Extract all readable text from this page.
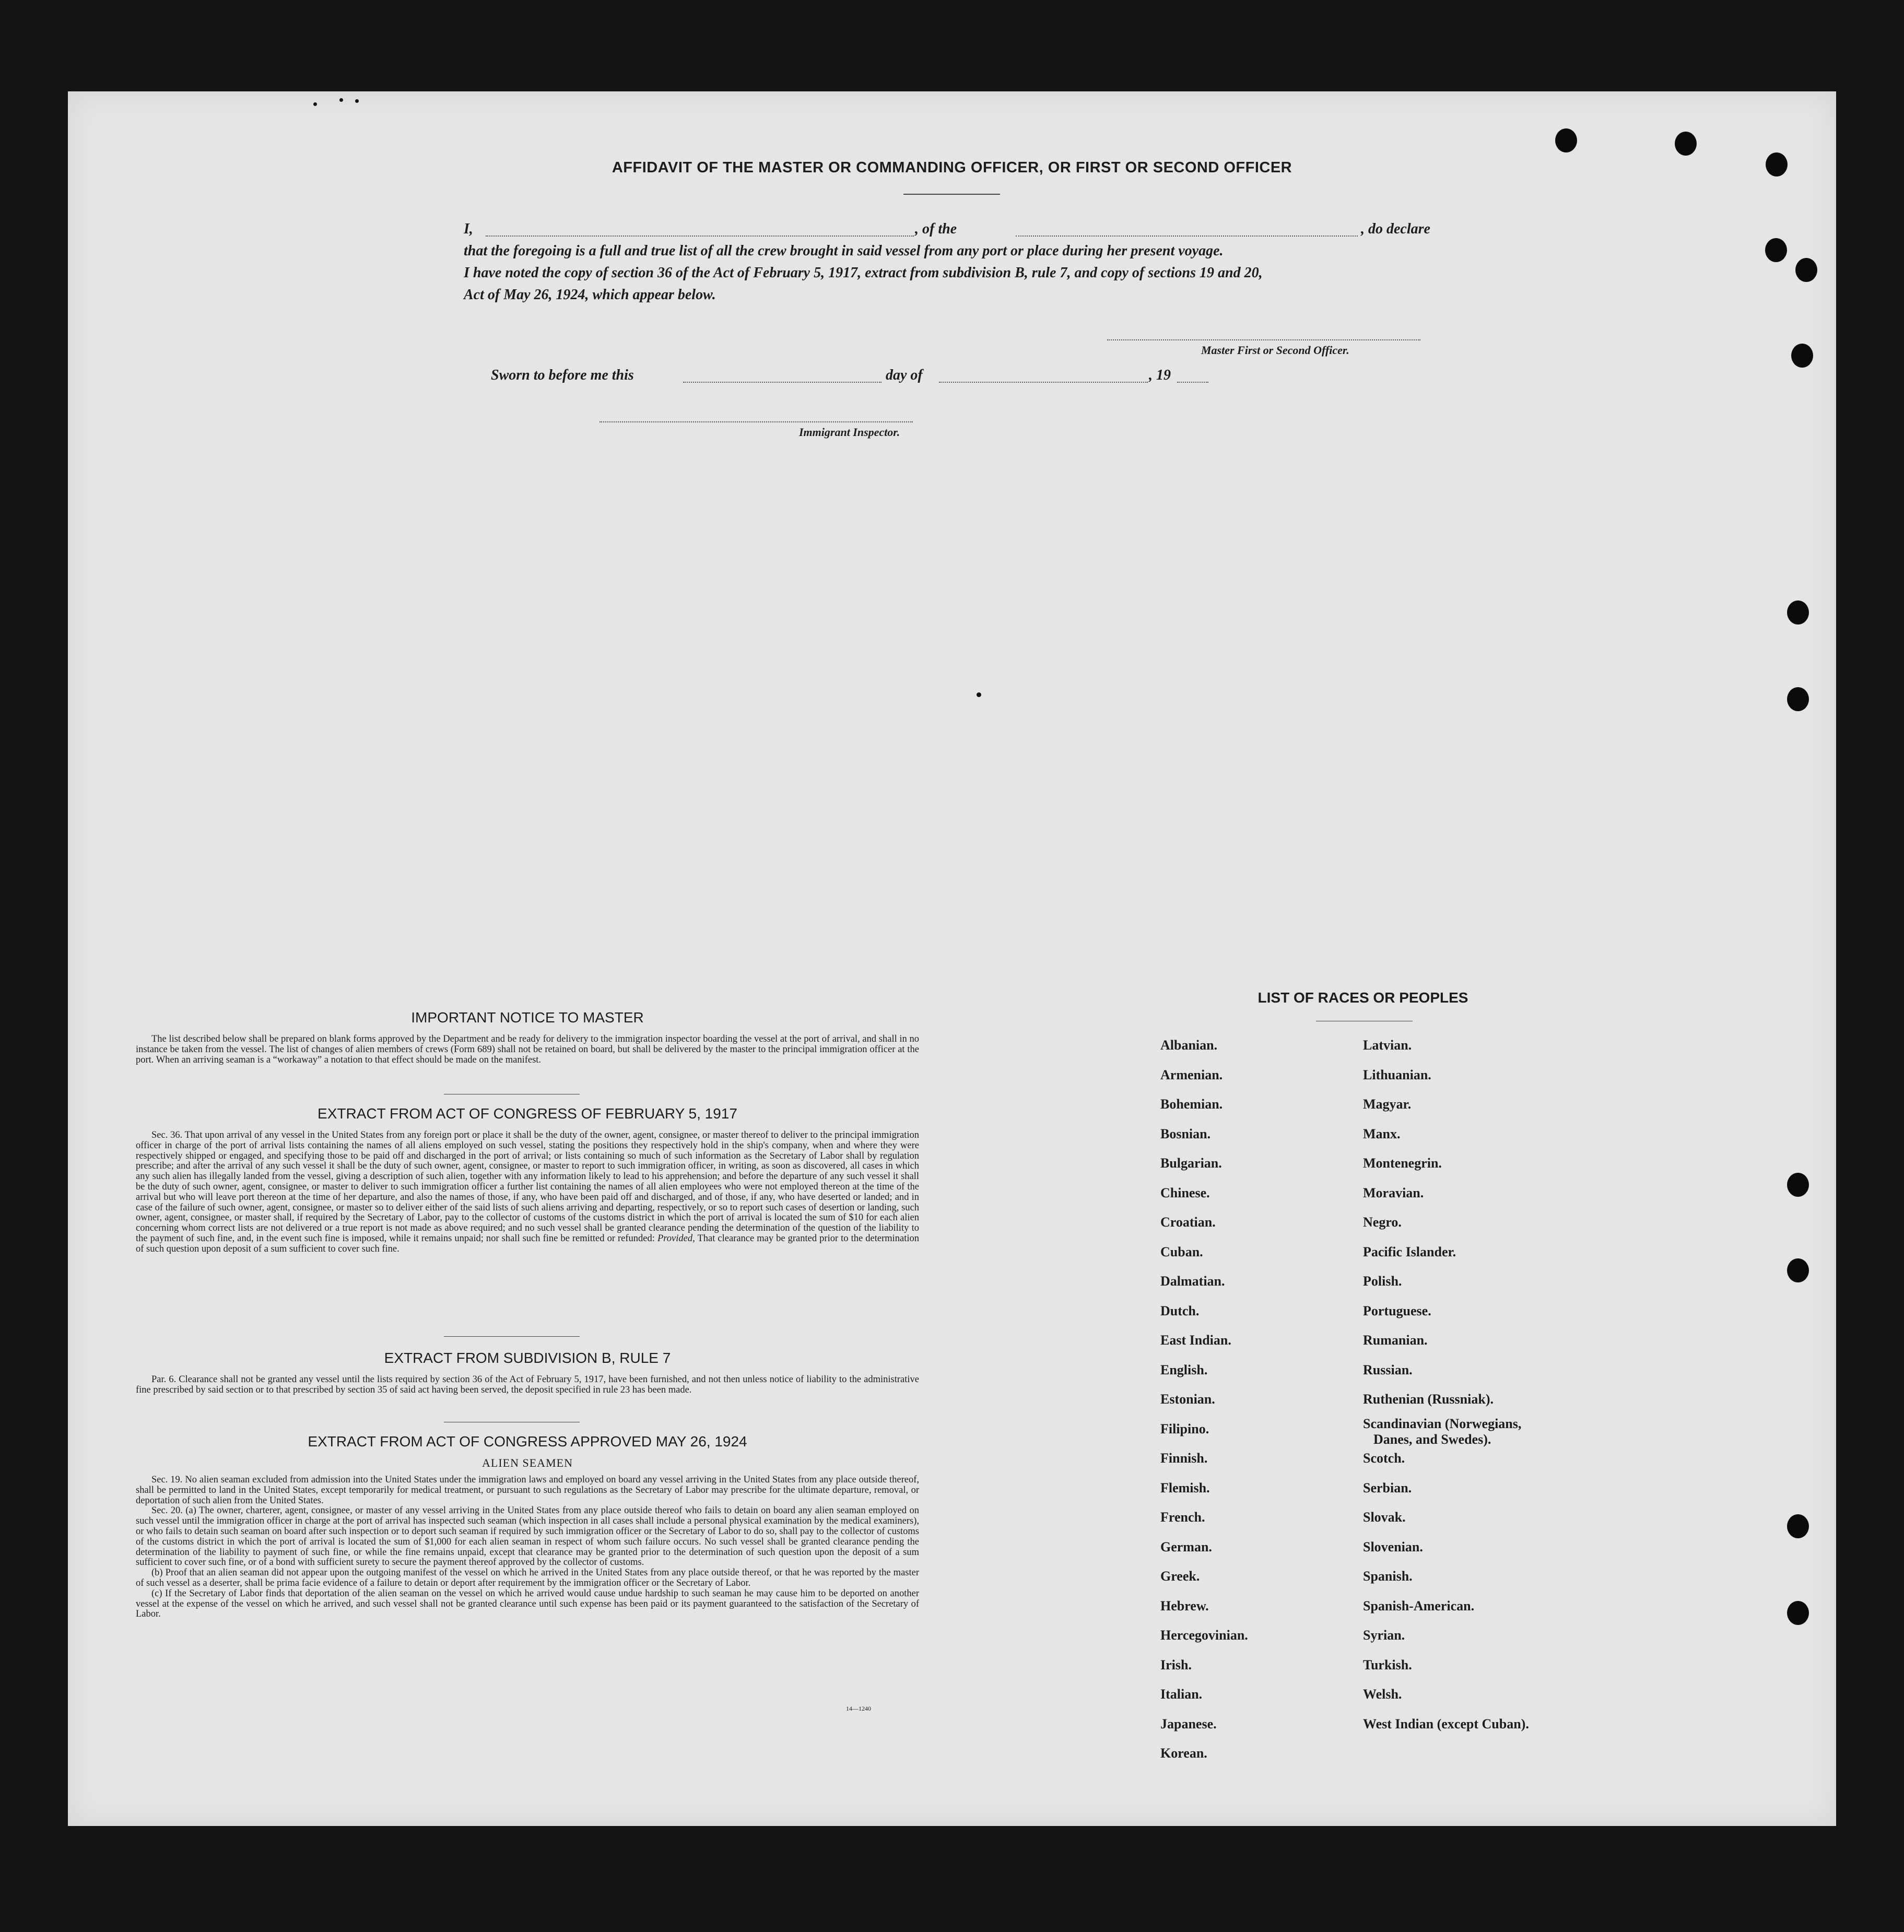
AFFIDAVIT OF THE MASTER OR COMMANDING OFFICER, OR FIRST OR SECOND OFFICER
I,	, of the	, do declare
that the foregoing is a full and true list of all the crew brought in said vessel from any port or place during her present voyage.
I have noted the copy of section 36 of the Act of February 5, 1917, extract from subdivision B, rule 7, and copy of sections 19 and 20,
Act of May 26, 1924, which appear below.
Master First or Second Officer.
Sworn to before me this	day of	, 19
Immigrant Inspector.
IMPORTANT NOTICE TO MASTER

The list described below shall be prepared on blank forms approved by the Department and be ready for delivery to the immigration inspector boarding the vessel at the port of arrival, and shall in no instance be taken from the vessel. The list of changes of alien members of crews (Form 689) shall not be retained on board, but shall be delivered by the master to the principal immigration officer at the port. When an arriving seaman is a “workaway” a notation to that effect should be made on the manifest.

EXTRACT FROM ACT OF CONGRESS OF FEBRUARY 5, 1917

Sec. 36. That upon arrival of any vessel in the United States from any foreign port or place it shall be the duty of the owner, agent, consignee, or master thereof to deliver to the principal immigration officer in charge of the port of arrival lists containing the names of all aliens employed on such vessel, stating the positions they respectively hold in the ship's company, when and where they were respectively shipped or engaged, and specifying those to be paid off and discharged in the port of arrival; or lists containing so much of such information as the Secretary of Labor shall by regulation prescribe; and after the arrival of any such vessel it shall be the duty of such owner, agent, consignee, or master to report to such immigration officer, in writing, as soon as discovered, all cases in which any such alien has illegally landed from the vessel, giving a description of such alien, together with any information likely to lead to his apprehension; and before the departure of any such vessel it shall be the duty of such owner, agent, consignee, or master to deliver to such immigration officer a further list containing the names of all alien employees who were not employed thereon at the time of the arrival but who will leave port thereon at the time of her departure, and also the names of those, if any, who have been paid off and discharged, and of those, if any, who have deserted or landed; and in case of the failure of such owner, agent, consignee, or master so to deliver either of the said lists of such aliens arriving and departing, respectively, or so to report such cases of desertion or landing, such owner, agent, consignee, or master shall, if required by the Secretary of Labor, pay to the collector of customs of the customs district in which the port of arrival is located the sum of $10 for each alien concerning whom correct lists are not delivered or a true report is not made as above required; and no such vessel shall be granted clearance pending the determination of the question of the liability to the payment of such fine, and, in the event such fine is imposed, while it remains unpaid; nor shall such fine be remitted or refunded: Provided, That clearance may be granted prior to the determination of such question upon deposit of a sum sufficient to cover such fine.

EXTRACT FROM SUBDIVISION B, RULE 7

Par. 6. Clearance shall not be granted any vessel until the lists required by section 36 of the Act of February 5, 1917, have been furnished, and not then unless notice of liability to the administrative fine prescribed by said section or to that prescribed by section 35 of said act having been served, the deposit specified in rule 23 has been made.

EXTRACT FROM ACT OF CONGRESS APPROVED MAY 26, 1924
ALIEN SEAMEN

Sec. 19. No alien seaman excluded from admission into the United States under the immigration laws and employed on board any vessel arriving in the United States from any place outside thereof, shall be permitted to land in the United States, except temporarily for medical treatment, or pursuant to such regulations as the Secretary of Labor may prescribe for the ultimate departure, removal, or deportation of such alien from the United States.

Sec. 20. (a) The owner, charterer, agent, consignee, or master of any vessel arriving in the United States from any place outside thereof who fails to detain on board any alien seaman employed on such vessel until the immigration officer in charge at the port of arrival has inspected such seaman (which inspection in all cases shall include a personal physical examination by the medical examiners), or who fails to detain such seaman on board after such inspection or to deport such seaman if required by such immigration officer or the Secretary of Labor to do so, shall pay to the collector of customs of the customs district in which the port of arrival is located the sum of $1,000 for each alien seaman in respect of whom such failure occurs. No such vessel shall be granted clearance pending the determination of the liability to payment of such fine, or while the fine remains unpaid, except that clearance may be granted prior to the determination of such question upon the deposit of a sum sufficient to cover such fine, or of a bond with sufficient surety to secure the payment thereof approved by the collector of customs.

(b) Proof that an alien seaman did not appear upon the outgoing manifest of the vessel on which he arrived in the United States from any place outside thereof, or that he was reported by the master of such vessel as a deserter, shall be prima facie evidence of a failure to detain or deport after requirement by the immigration officer or the Secretary of Labor.

(c) If the Secretary of Labor finds that deportation of the alien seaman on the vessel on which he arrived would cause undue hardship to such seaman he may cause him to be deported on another vessel at the expense of the vessel on which he arrived, and such vessel shall not be granted clearance until such expense has been paid or its payment guaranteed to the satisfaction of the Secretary of Labor.

14—1240
LIST OF RACES OR PEOPLES
Albanian.
Armenian.
Bohemian.
Bosnian.
Bulgarian.
Chinese.
Croatian.
Cuban.
Dalmatian.
Dutch.
East Indian.
English.
Estonian.
Filipino.
Finnish.
Flemish.
French.
German.
Greek.
Hebrew.
Hercegovinian.
Irish.
Italian.
Japanese.
Korean.
Latvian.
Lithuanian.
Magyar.
Manx.
Montenegrin.
Moravian.
Negro.
Pacific Islander.
Polish.
Portuguese.
Rumanian.
Russian.
Ruthenian (Russniak).
Scandinavian (Norwegians,
Danes, and Swedes).
Scotch.
Serbian.
Slovak.
Slovenian.
Spanish.
Spanish-American.
Syrian.
Turkish.
Welsh.
West Indian (except Cuban).
